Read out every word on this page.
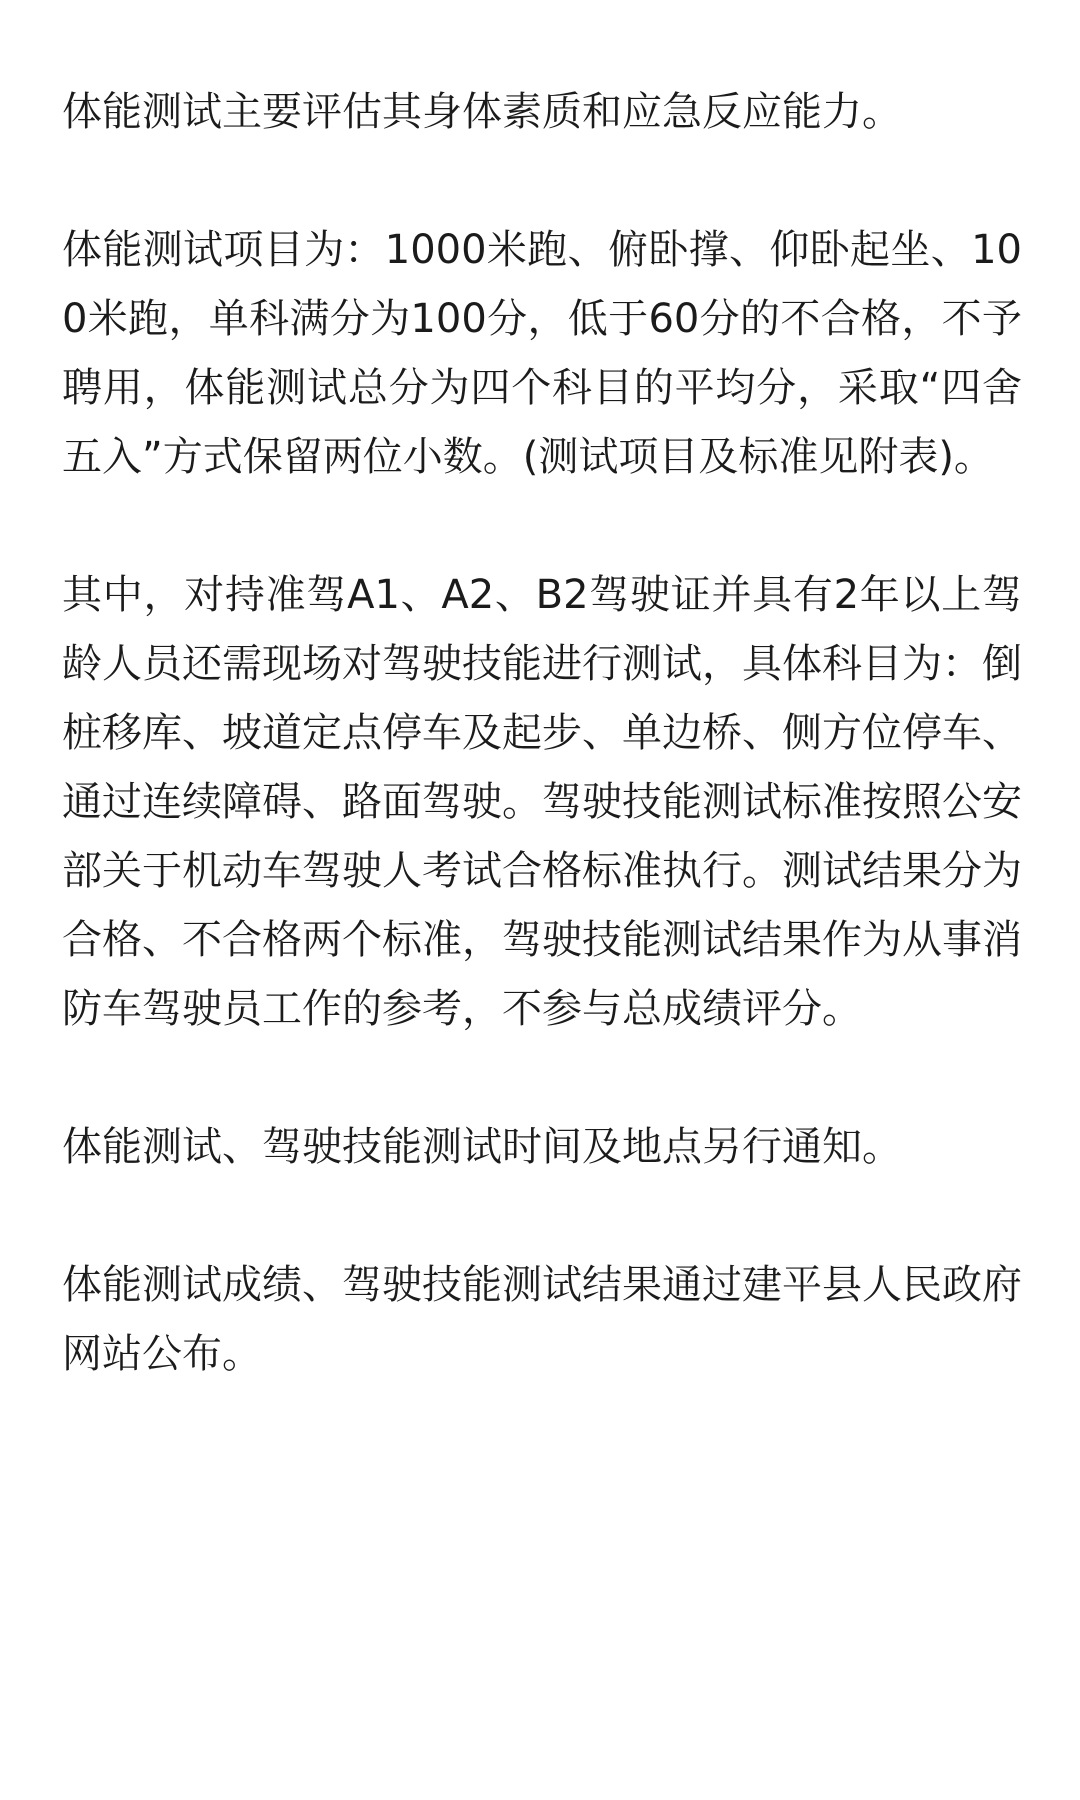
体能测试主要评估其身体素质和应急反应能力。

体能测试项目为：1000米跑、俯卧撑、仰卧起坐、100米跑，单科满分为100分，低于60分的不合格，不予聘用，体能测试总分为四个科目的平均分，采取“四舍五入”方式保留两位小数。(测试项目及标准见附表)。

其中，对持准驾A1、A2、B2驾驶证并具有2年以上驾龄人员还需现场对驾驶技能进行测试，具体科目为：倒桩移库、坡道定点停车及起步、单边桥、侧方位停车、通过连续障碍、路面驾驶。驾驶技能测试标准按照公安部关于机动车驾驶人考试合格标准执行。测试结果分为合格、不合格两个标准，驾驶技能测试结果作为从事消防车驾驶员工作的参考，不参与总成绩评分。

体能测试、驾驶技能测试时间及地点另行通知。

体能测试成绩、驾驶技能测试结果通过建平县人民政府网站公布。
